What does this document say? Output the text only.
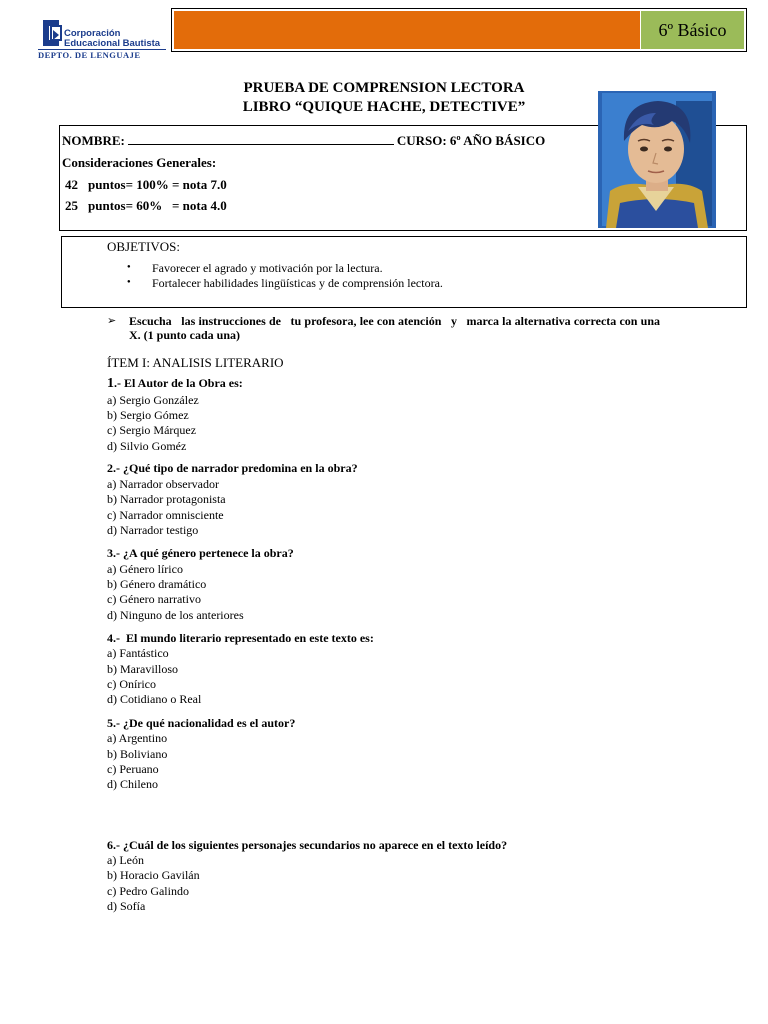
Corporación
Educacional Bautista
DEPTO. DE LENGUAJE
6º Básico
PRUEBA DE COMPRENSION LECTORA
LIBRO “QUIQUE HACHE, DETECTIVE”
NOMBRE:	CURSO: 6º AÑO BÁSICO
Consideraciones Generales:
42 puntos= 100% = nota 7.0
25 puntos= 60%   = nota 4.0
OBJETIVOS:
● Favorecer el agrado y motivación por la lectura.
● Fortalecer habilidades lingüísticas y de comprensión lectora.
➢ Escucha   las instrucciones de   tu profesora, lee con atención   y   marca la alternativa correcta con una X. (1 punto cada una)
ÍTEM I: ANALISIS LITERARIO
1.- El Autor de la Obra es:
a) Sergio González
b) Sergio Gómez
c) Sergio Márquez
d) Silvio Goméz
2.- ¿Qué tipo de narrador predomina en la obra?
a) Narrador observador
b) Narrador protagonista
c) Narrador omnisciente
d) Narrador testigo
3.- ¿A qué género pertenece la obra?
a) Género lírico
b) Género dramático
c) Género narrativo
d) Ninguno de los anteriores
4.-  El mundo literario representado en este texto es:
a) Fantástico
b) Maravilloso
c) Onírico
d) Cotidiano o Real
5.- ¿De qué nacionalidad es el autor?
a) Argentino
b) Boliviano
c) Peruano
d) Chileno
6.- ¿Cuál de los siguientes personajes secundarios no aparece en el texto leído?
a) León
b) Horacio Gavilán
c) Pedro Galindo
d) Sofía
